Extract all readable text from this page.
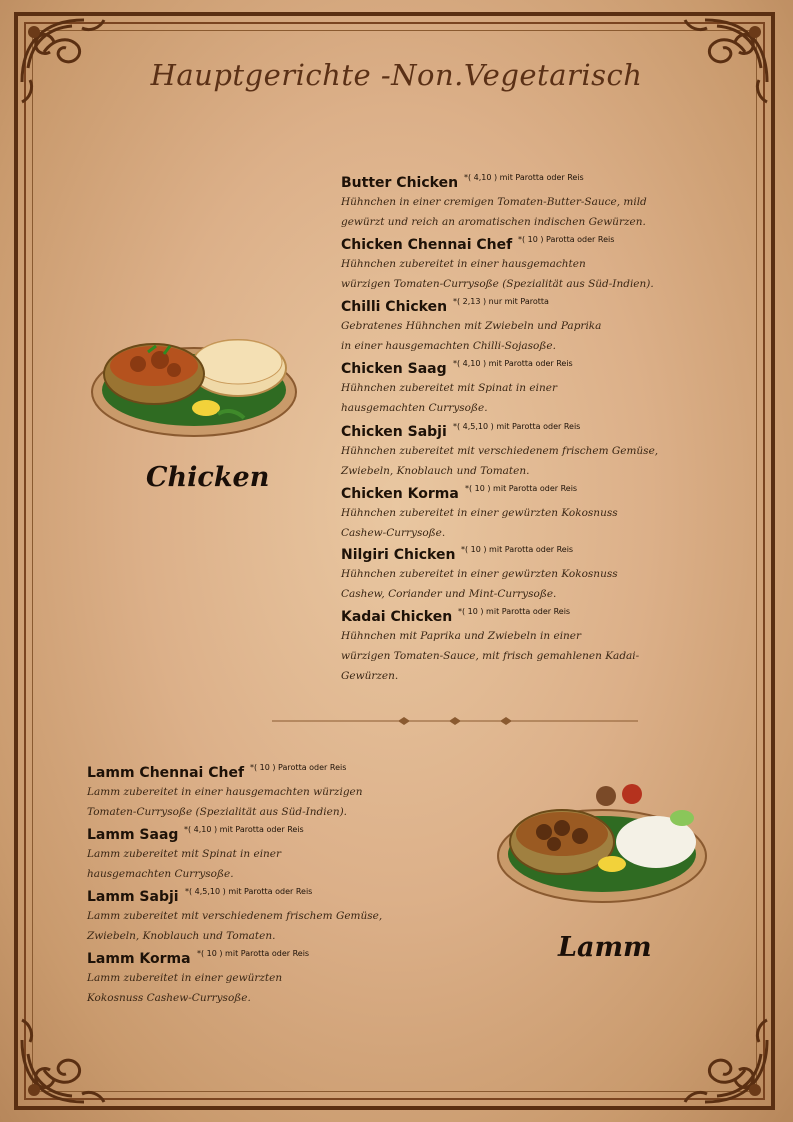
Hauptgerichte -Non.Vegetarisch
Chicken
Butter Chicken *( 4,10 ) mit Parotta oder Reis
Hühnchen in einer cremigen Tomaten-Butter-Sauce, mild
gewürzt und reich an aromatischen indischen Gewürzen.
Chicken Chennai Chef *( 10 ) Parotta oder Reis
Hühnchen zubereitet in einer hausgemachten
würzigen Tomaten-Currysoße (Spezialität aus Süd-Indien).
Chilli Chicken *( 2,13 ) nur mit Parotta
Gebratenes Hühnchen mit Zwiebeln und Paprika
in einer hausgemachten Chilli-Sojasoße.
Chicken Saag *( 4,10 ) mit Parotta oder Reis
Hühnchen zubereitet mit Spinat in einer
hausgemachten Currysoße.
Chicken Sabji *( 4,5,10 ) mit Parotta oder Reis
Hühnchen zubereitet mit verschiedenem frischem Gemüse,
Zwiebeln, Knoblauch und Tomaten.
Chicken Korma *( 10 ) mit Parotta oder Reis
Hühnchen zubereitet in einer gewürzten Kokosnuss
Cashew-Currysoße.
Nilgiri Chicken *( 10 ) mit Parotta oder Reis
Hühnchen zubereitet in einer gewürzten Kokosnuss
Cashew, Coriander und Mint-Currysoße.
Kadai Chicken *( 10 ) mit Parotta oder Reis
Hühnchen mit Paprika und Zwiebeln in einer
würzigen Tomaten-Sauce, mit frisch gemahlenen Kadai-
Gewürzen.
Lamm Chennai Chef *( 10 ) Parotta oder Reis
Lamm zubereitet in einer hausgemachten würzigen
Tomaten-Currysoße (Spezialität aus Süd-Indien).
Lamm Saag *( 4,10 ) mit Parotta oder Reis
Lamm zubereitet mit Spinat in einer
hausgemachten Currysoße.
Lamm Sabji *( 4,5,10 ) mit Parotta oder Reis
Lamm zubereitet mit verschiedenem frischem Gemüse,
Zwiebeln, Knoblauch und Tomaten.
Lamm Korma *( 10 ) mit Parotta oder Reis
Lamm zubereitet in einer gewürzten
Kokosnuss Cashew-Currysoße.
Lamm
